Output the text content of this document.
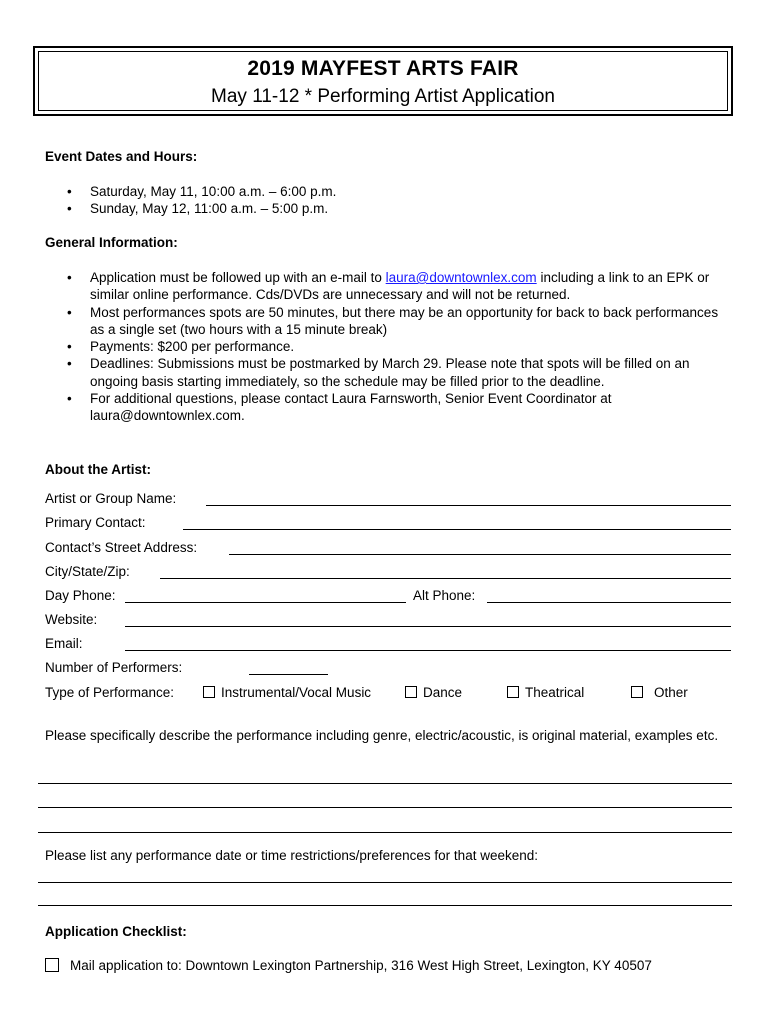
2019 MAYFEST ARTS FAIR
May 11-12 * Performing Artist Application
Event Dates and Hours:
• Saturday, May 11, 10:00 a.m. – 6:00 p.m.
• Sunday, May 12, 11:00 a.m. – 5:00 p.m.
General Information:
• Application must be followed up with an e-mail to laura@downtownlex.com including a link to an EPK or similar online performance. Cds/DVDs are unnecessary and will not be returned.
• Most performances spots are 50 minutes, but there may be an opportunity for back to back performances as a single set (two hours with a 15 minute break)
• Payments: $200 per performance.
• Deadlines: Submissions must be postmarked by March 29. Please note that spots will be filled on an ongoing basis starting immediately, so the schedule may be filled prior to the deadline.
• For additional questions, please contact Laura Farnsworth, Senior Event Coordinator at laura@downtownlex.com.
About the Artist:
Artist or Group Name:
Primary Contact:
Contact’s Street Address:
City/State/Zip:
Day Phone:	Alt Phone:
Website:
Email:
Number of Performers:
Type of Performance:	Instrumental/Vocal Music	Dance	Theatrical	Other
Please specifically describe the performance including genre, electric/acoustic, is original material, examples etc.
Please list any performance date or time restrictions/preferences for that weekend:
Application Checklist:
Mail application to: Downtown Lexington Partnership, 316 West High Street, Lexington, KY 40507
